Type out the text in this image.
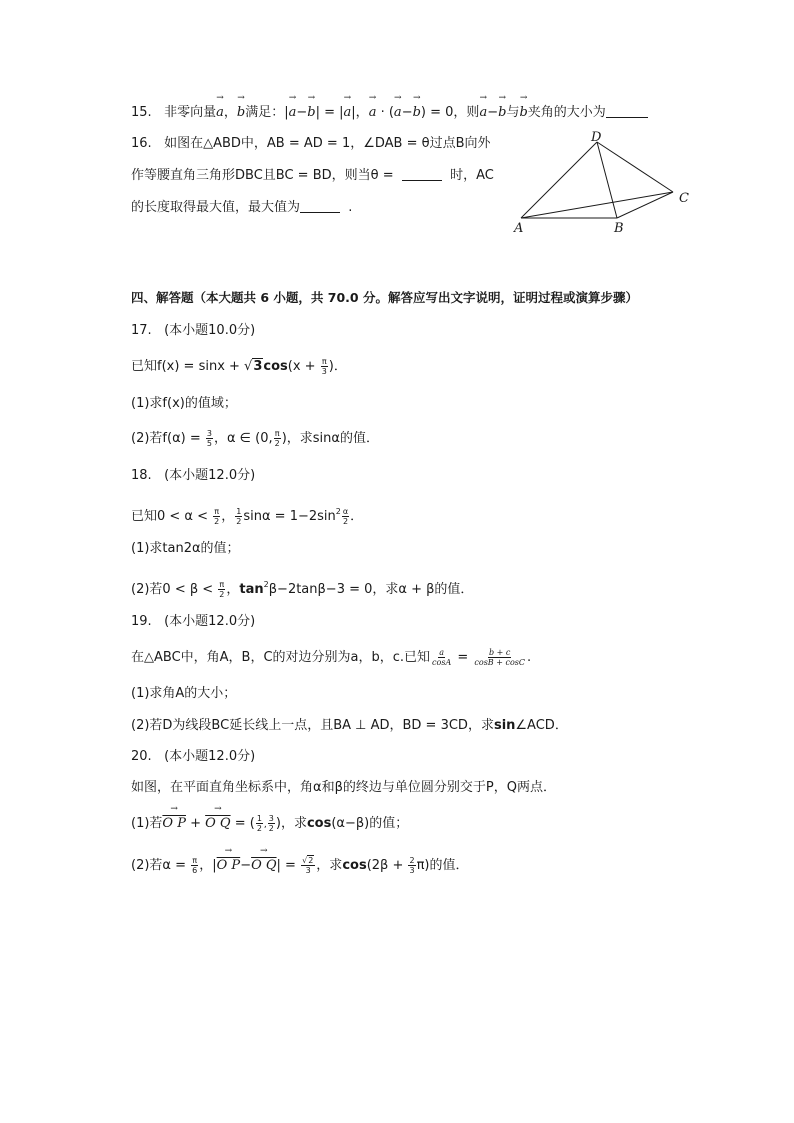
15. 非零向量→ a，→ b满足：|→ a−→ b| = |→ a|，→ a · (→ a−→ b) = 0，则→ a−→ b与→ b夹角的大小为
16. 如图在△ABD中，AB = AD = 1，∠DAB = θ过点B向外
作等腰直角三角形DBC且BC = BD，则当θ =	时，AC
的长度取得最大值，最大值为	.
D
C
A	B
四、解答题（本大题共 6 小题，共 70.0 分。解答应写出文字说明，证明过程或演算步骤）
17. (本小题10.0分)
已知$f(x) = \sin x + √3\cos(x + \frac{\pi}{3}$ )．
(1)求f(x)的值域；
(2)若$f(\alpha) = \frac{3}{5}$ ，α ∈ (0, $\frac{\pi}{2}$ )，求sinα的值．
18. (本小题12.0分)
已知$0 < \alpha < \frac{\pi}{2}$ ， $\frac{1}{2}$ $\sin\alpha = 1-2\sin^2 \frac{\alpha}{2}$ ．
(1)求tan2α的值；
(2)若$0 < \beta < \frac{\pi}{2}$ ，$\tan^2\beta-2\tan\beta-3 = 0$，求α + β的值．
19. (本小题12.0分)
在△ABC中，角A，B，C的对边分别为a，b，c.已知 $\frac{a}{\cos A} = \frac{b + c}{\cos B + \cos C}$ .
(1)求角A的大小；
(2)若D为线段BC延长线上一点，且BA ⊥ AD，BD = 3CD，求sin∠ACD．
20. (本小题12.0分)
如图，在平面直角坐标系中，角α和β的终边与单位圆分别交于P，Q两点．
(1)若→ O P + → O Q = ( $\frac{1}{2}$ , $\frac{3}{2}$ )，求cos(α−β)的值；
(2)若$\alpha = \frac{\pi}{6}$ ，|→ O P−→ O $Q| = \frac{√2}{3}$ ，求$\cos(2\beta + \frac{2}{3} \pi)$的值．
